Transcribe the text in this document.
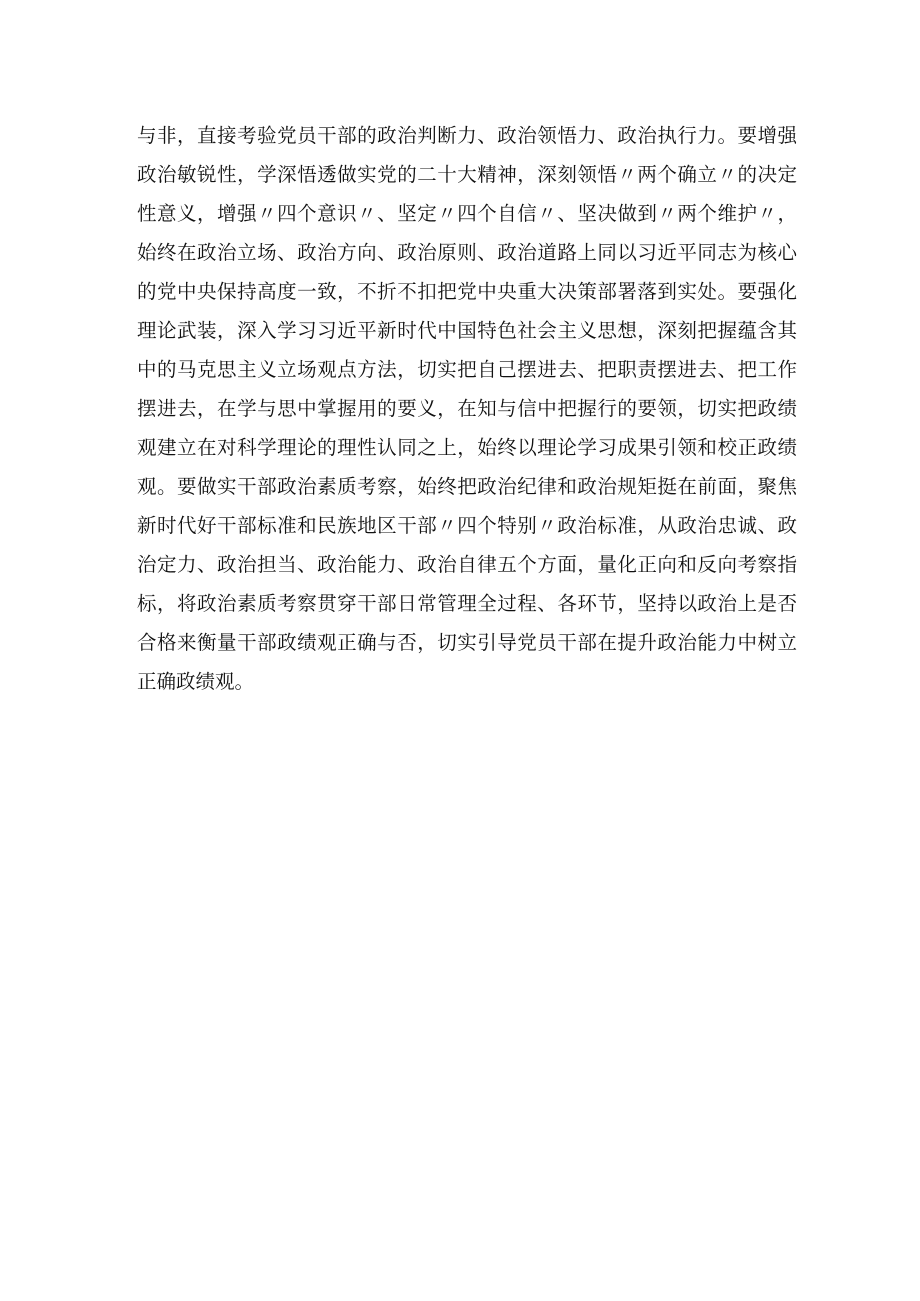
与非，直接考验党员干部的政治判断力、政治领悟力、政治执行力。要增强
政治敏锐性，学深悟透做实党的二十大精神，深刻领悟〃两个确立〃的决定
性意义，增强〃四个意识〃、坚定〃四个自信〃、坚决做到〃两个维护〃，
始终在政治立场、政治方向、政治原则、政治道路上同以习近平同志为核心
的党中央保持高度一致，不折不扣把党中央重大决策部署落到实处。要强化
理论武装，深入学习习近平新时代中国特色社会主义思想，深刻把握蕴含其
中的马克思主义立场观点方法，切实把自己摆进去、把职责摆进去、把工作
摆进去，在学与思中掌握用的要义，在知与信中把握行的要领，切实把政绩
观建立在对科学理论的理性认同之上，始终以理论学习成果引领和校正政绩
观。要做实干部政治素质考察，始终把政治纪律和政治规矩挺在前面，聚焦
新时代好干部标准和民族地区干部〃四个特别〃政治标准，从政治忠诚、政
治定力、政治担当、政治能力、政治自律五个方面，量化正向和反向考察指
标，将政治素质考察贯穿干部日常管理全过程、各环节，坚持以政治上是否
合格来衡量干部政绩观正确与否，切实引导党员干部在提升政治能力中树立
正确政绩观。
